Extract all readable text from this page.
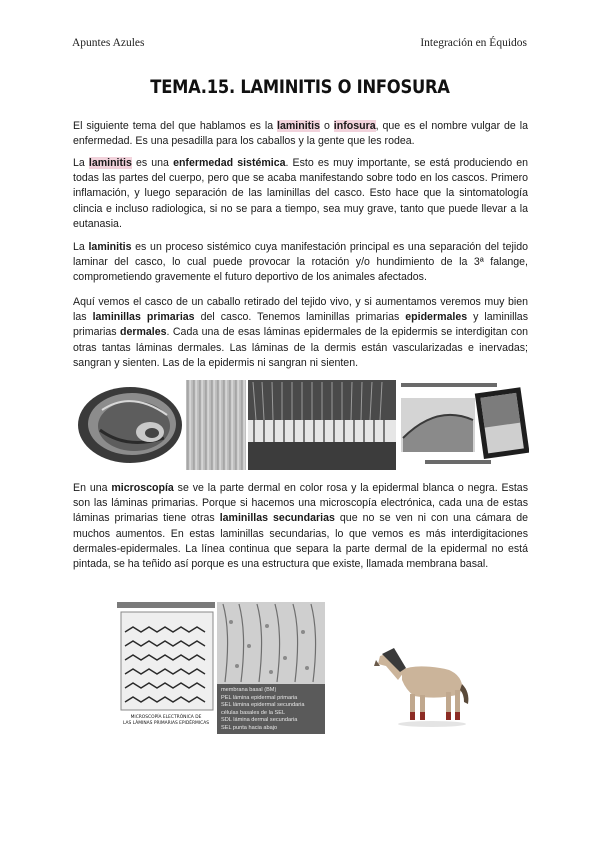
Apuntes Azules	Integración en Équidos
TEMA.15. LAMINITIS O INFOSURA

El siguiente tema del que hablamos es la laminitis o infosura, que es el nombre vulgar de la enfermedad. Es una pesadilla para los caballos y la gente que les rodea.

La laminitis es una enfermedad sistémica. Esto es muy importante, se está produciendo en todas las partes del cuerpo, pero que se acaba manifestando sobre todo en los cascos. Primero inflamación, y luego separación de las laminillas del casco. Esto hace que la sintomatología clincia e incluso radiologica, si no se para a tiempo, sea muy grave, tanto que puede llevar a la eutanasia.

La laminitis es un proceso sistémico cuya manifestación principal es una separación del tejido laminar del casco, lo cual puede provocar la rotación y/o hundimiento de la 3ª falange, comprometiendo gravemente el futuro deportivo de los animales afectados.

Aquí vemos el casco de un caballo retirado del tejido vivo, y si aumentamos veremos muy bien las laminillas primarias del casco. Tenemos laminillas primarias epidermales y laminillas primarias dermales. Cada una de esas láminas epidermales de la epidermis se interdigitan con otras tantas láminas dermales. Las láminas de la dermis están vascularizadas e inervadas; sangran y sienten. Las de la epidermis ni sangran ni sienten.

En una microscopía se ve la parte dermal en color rosa y la epidermal blanca o negra. Estas son las láminas primarias. Porque si hacemos una microscopía electrónica, cada una de estas láminas primarias tiene otras laminillas secundarias que no se ven ni con una cámara de muchos aumentos. En estas laminillas secundarias, lo que vemos es más interdigitaciones dermales-epidermales. La línea continua que separa la parte dermal de la epidermal no está pintada, se ha teñido así porque es una estructura que existe, llamada membrana basal.

MICROSCOPÍA ELECTRÓNICA DE
LAS LÁMINAS PRIMARIAS EPIDÉRMICAS
membrana basal (BM)
PEL lámina epidermal primaria
SEL lámina epidermal secundaria
células basales de la SEL
SDL lámina dermal secundaria
SEL punta hacia abajo
